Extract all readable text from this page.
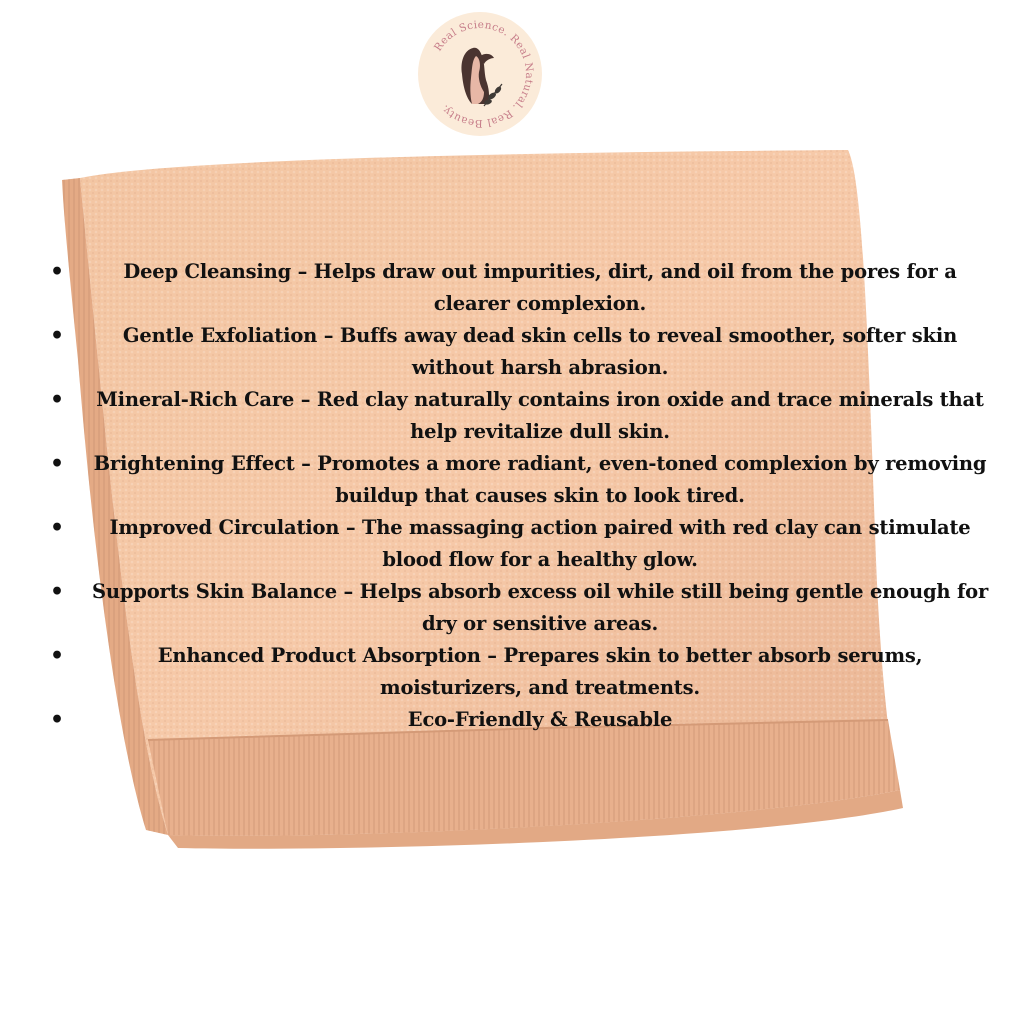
Real Science. Real Natural. Real Beauty.
•	Deep Cleansing – Helps draw out impurities, dirt, and oil from the pores for a clearer complexion.
•	Gentle Exfoliation – Buffs away dead skin cells to reveal smoother, softer skin without harsh abrasion.
• Mineral-Rich Care – Red clay naturally contains iron oxide and trace minerals that help revitalize dull skin.
• Brightening Effect – Promotes a more radiant, even-toned complexion by removing buildup that causes skin to look tired.
• Improved Circulation – The massaging action paired with red clay can stimulate blood flow for a healthy glow.
• Supports Skin Balance – Helps absorb excess oil while still being gentle enough for dry or sensitive areas.
•	Enhanced Product Absorption – Prepares skin to better absorb serums, moisturizers, and treatments.
•	Eco-Friendly & Reusable
